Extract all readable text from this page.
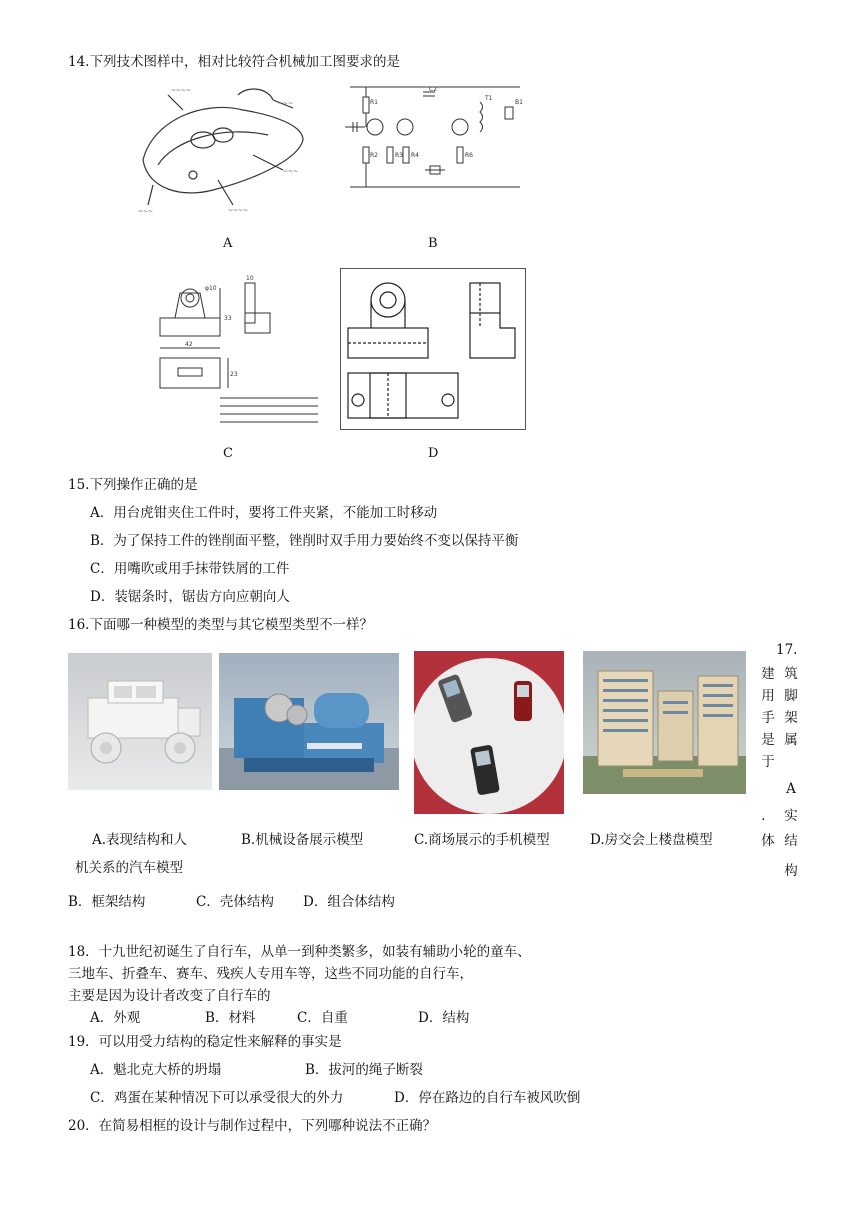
14.下列技术图样中，相对比较符合机械加工图要求的是
~~~~
~~~
~~~
~~~~
~~~
A
R1
R2	R3 R4	R6
C2
T1
B1
B
φ10
10
42
23
33
C	D
15.下列操作正确的是
A．用台虎钳夹住工件时，要将工件夹紧，不能加工时移动
B．为了保持工件的锉削面平整，锉削时双手用力要始终不变以保持平衡
C．用嘴吹或用手抹带铁屑的工件
D．装锯条时，锯齿方向应朝向人
16.下面哪一种模型的类型与其它模型类型不一样？
A.表现结构和人
机关系的汽车模型
B.机械设备展示模型	C.商场展示的手机模型	D.房交会上楼盘模型
17.
建 筑
用 脚
手 架
是 属
于
A
． 实
体 结
构
B．框架结构	C．壳体结构 D．组合体结构
18．十九世纪初诞生了自行车，从单一到种类繁多，如装有辅助小轮的童车、
三地车、折叠车、赛车、残疾人专用车等，这些不同功能的自行车，
主要是因为设计者改变了自行车的
A．外观	B．材料	C．自重	D．结构
19．可以用受力结构的稳定性来解释的事实是
A．魁北克大桥的坍塌	B．拔河的绳子断裂
C．鸡蛋在某种情况下可以承受很大的外力	D．停在路边的自行车被风吹倒
20．在简易相框的设计与制作过程中，下列哪种说法不正确？
